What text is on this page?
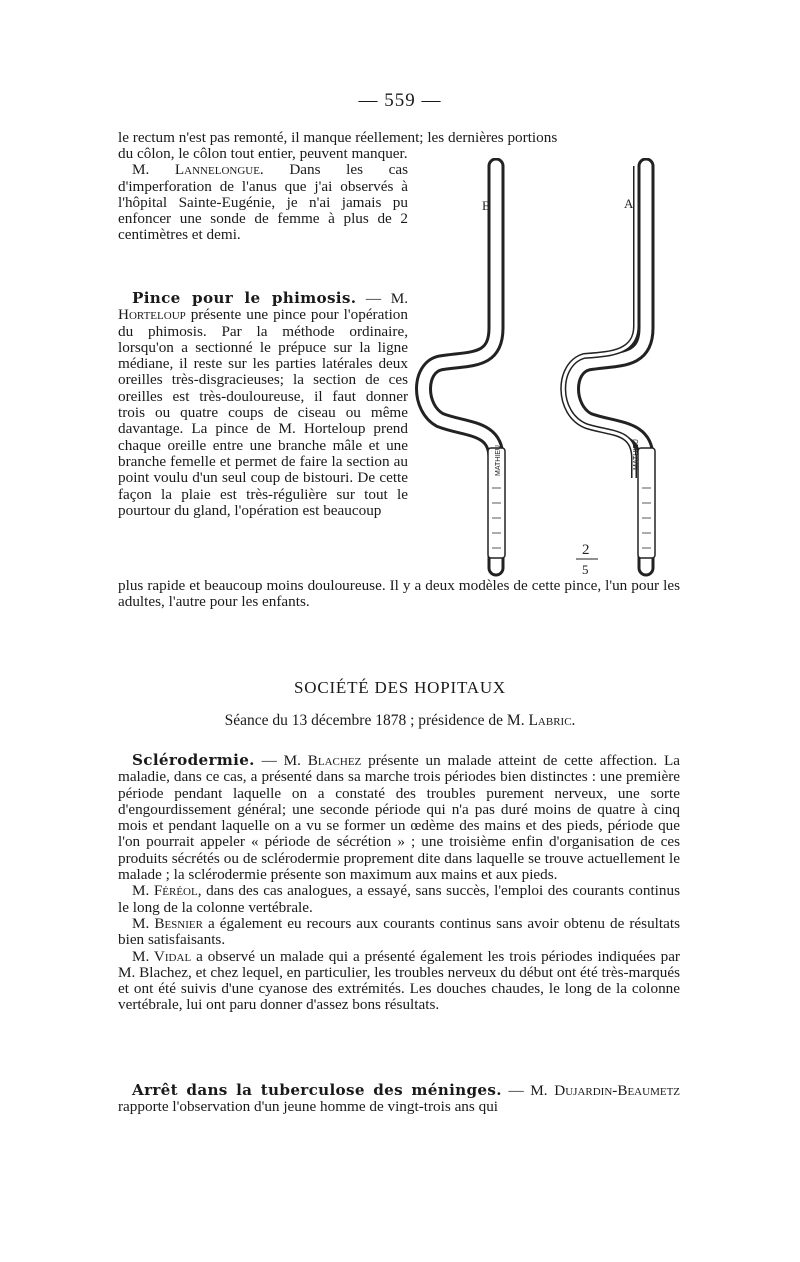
— 559 —

le rectum n'est pas remonté, il manque réellement; les dernières portions

du côlon, le côlon tout entier, peuvent manquer.

M. Lannelongue. Dans les cas d'imperforation de l'anus que j'ai observés à l'hôpital Sainte-Eugénie, je n'ai jamais pu enfoncer une sonde de femme à plus de 2 centimètres et demi.

Pince pour le phimosis. — M. Horteloup présente une pince pour l'opération du phimosis. Par la méthode ordinaire, lorsqu'on a sectionné le prépuce sur la ligne médiane, il reste sur les parties latérales deux oreilles très-disgracieuses; la section de ces oreilles est très-douloureuse, il faut donner trois ou quatre coups de ciseau ou même davantage. La pince de M. Horteloup prend chaque oreille entre une branche mâle et une branche femelle et permet de faire la section au point voulu d'un seul coup de bistouri. De cette façon la plaie est très-régulière sur tout le pourtour du gland, l'opération est beaucoup

plus rapide et beaucoup moins douloureuse. Il y a deux modèles de cette pince, l'un pour les adultes, l'autre pour les enfants.

B	A
MATHIEU	MATHIEU
2
5
SOCIÉTÉ DES HOPITAUX
Séance du 13 décembre 1878 ; présidence de M. Labric.

Sclérodermie. — M. Blachez présente un malade atteint de cette affection. La maladie, dans ce cas, a présenté dans sa marche trois périodes bien distinctes : une première période pendant laquelle on a constaté des troubles purement nerveux, une sorte d'engourdissement général; une seconde période qui n'a pas duré moins de quatre à cinq mois et pendant laquelle on a vu se former un œdème des mains et des pieds, période que l'on pourrait appeler « période de sécrétion » ; une troisième enfin d'organisation de ces produits sécrétés ou de sclérodermie proprement dite dans laquelle se trouve actuellement le malade ; la sclérodermie présente son maximum aux mains et aux pieds.

M. Féréol, dans des cas analogues, a essayé, sans succès, l'emploi des courants continus le long de la colonne vertébrale.

M. Besnier a également eu recours aux courants continus sans avoir obtenu de résultats bien satisfaisants.

M. Vidal a observé un malade qui a présenté également les trois périodes indiquées par M. Blachez, et chez lequel, en particulier, les troubles nerveux du début ont été très-marqués et ont été suivis d'une cyanose des extrémités. Les douches chaudes, le long de la colonne vertébrale, lui ont paru donner d'assez bons résultats.

Arrêt dans la tuberculose des méninges. — M. Dujardin-Beaumetz rapporte l'observation d'un jeune homme de vingt-trois ans qui
